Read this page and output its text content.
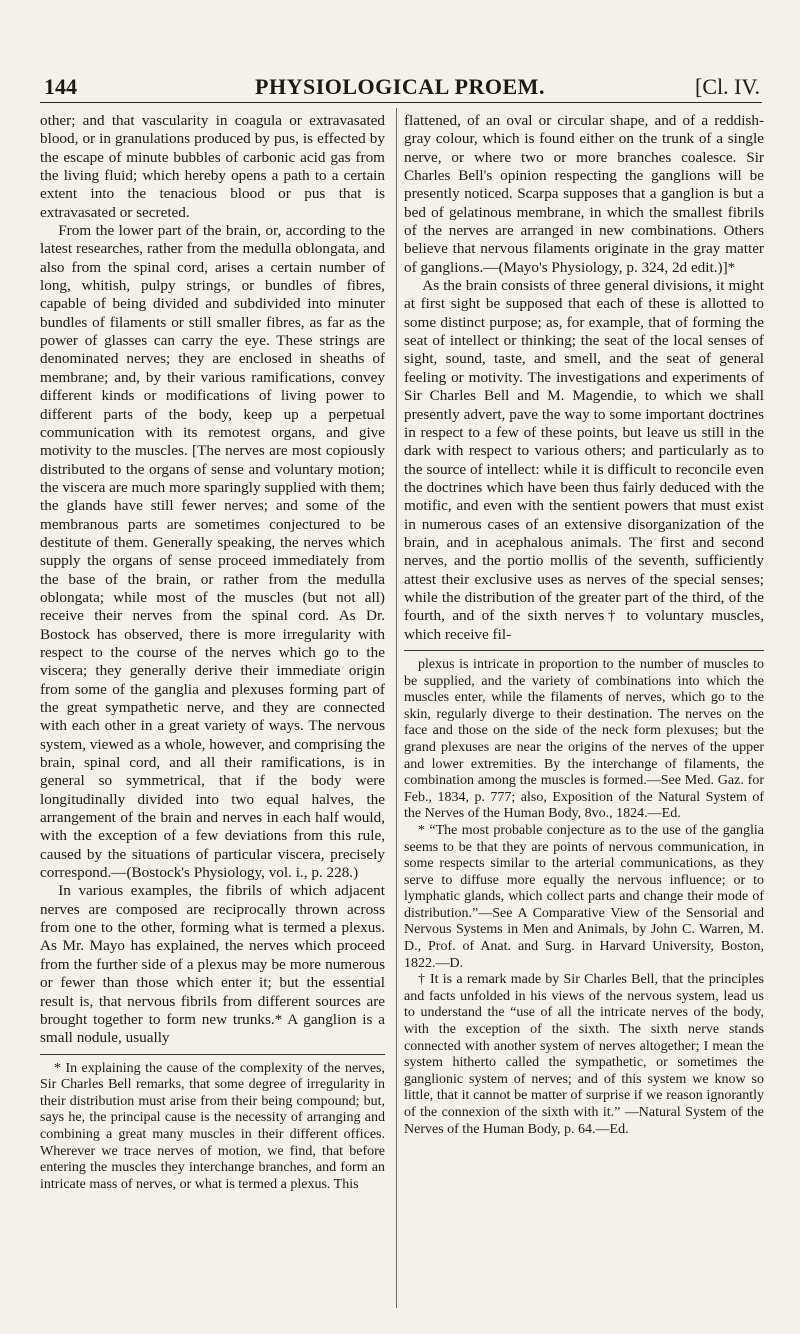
144	PHYSIOLOGICAL PROEM.	[Cl. IV.

other; and that vascularity in coagula or extravasated blood, or in granulations produced by pus, is effected by the escape of minute bubbles of carbonic acid gas from the living fluid; which hereby opens a path to a certain extent into the tenacious blood or pus that is extravasated or secreted.

From the lower part of the brain, or, according to the latest researches, rather from the medulla oblongata, and also from the spinal cord, arises a certain number of long, whitish, pulpy strings, or bundles of fibres, capable of being divided and subdivided into minuter bundles of filaments or still smaller fibres, as far as the power of glasses can carry the eye. These strings are denominated nerves; they are enclosed in sheaths of membrane; and, by their various ramifications, convey different kinds or modifications of living power to different parts of the body, keep up a perpetual communication with its remotest organs, and give motivity to the muscles. [The nerves are most copiously distributed to the organs of sense and voluntary motion; the viscera are much more sparingly supplied with them; the glands have still fewer nerves; and some of the membranous parts are sometimes conjectured to be destitute of them. Generally speaking, the nerves which supply the organs of sense proceed immediately from the base of the brain, or rather from the medulla oblongata; while most of the muscles (but not all) receive their nerves from the spinal cord. As Dr. Bostock has observed, there is more irregularity with respect to the course of the nerves which go to the viscera; they generally derive their immediate origin from some of the ganglia and plexuses forming part of the great sympathetic nerve, and they are connected with each other in a great variety of ways. The nervous system, viewed as a whole, however, and comprising the brain, spinal cord, and all their ramifications, is in general so symmetrical, that if the body were longitudinally divided into two equal halves, the arrangement of the brain and nerves in each half would, with the exception of a few deviations from this rule, caused by the situations of particular viscera, precisely correspond.—(Bostock's Physiology, vol. i., p. 228.)

In various examples, the fibrils of which adjacent nerves are composed are reciprocally thrown across from one to the other, forming what is termed a plexus. As Mr. Mayo has explained, the nerves which proceed from the further side of a plexus may be more numerous or fewer than those which enter it; but the essential result is, that nervous fibrils from different sources are brought together to form new trunks.* A ganglion is a small nodule, usually

* In explaining the cause of the complexity of the nerves, Sir Charles Bell remarks, that some degree of irregularity in their distribution must arise from their being compound; but, says he, the principal cause is the necessity of arranging and combining a great many muscles in their different offices. Wherever we trace nerves of motion, we find, that before entering the muscles they interchange branches, and form an intricate mass of nerves, or what is termed a plexus. This

flattened, of an oval or circular shape, and of a reddish-gray colour, which is found either on the trunk of a single nerve, or where two or more branches coalesce. Sir Charles Bell's opinion respecting the ganglions will be presently noticed. Scarpa supposes that a ganglion is but a bed of gelatinous membrane, in which the smallest fibrils of the nerves are arranged in new combinations. Others believe that nervous filaments originate in the gray matter of ganglions.—(Mayo's Physiology, p. 324, 2d edit.)]*

As the brain consists of three general divisions, it might at first sight be supposed that each of these is allotted to some distinct purpose; as, for example, that of forming the seat of intellect or thinking; the seat of the local senses of sight, sound, taste, and smell, and the seat of general feeling or motivity. The investigations and experiments of Sir Charles Bell and M. Magendie, to which we shall presently advert, pave the way to some important doctrines in respect to a few of these points, but leave us still in the dark with respect to various others; and particularly as to the source of intellect: while it is difficult to reconcile even the doctrines which have been thus fairly deduced with the motific, and even with the sentient powers that must exist in numerous cases of an extensive disorganization of the brain, and in acephalous animals. The first and second nerves, and the portio mollis of the seventh, sufficiently attest their exclusive uses as nerves of the special senses; while the distribution of the greater part of the third, of the fourth, and of the sixth nerves† to voluntary muscles, which receive fil-

plexus is intricate in proportion to the number of muscles to be supplied, and the variety of combinations into which the muscles enter, while the filaments of nerves, which go to the skin, regularly diverge to their destination. The nerves on the face and those on the side of the neck form plexuses; but the grand plexuses are near the origins of the nerves of the upper and lower extremities. By the interchange of filaments, the combination among the muscles is formed.—See Med. Gaz. for Feb., 1834, p. 777; also, Exposition of the Natural System of the Nerves of the Human Body, 8vo., 1824.—Ed.

* “The most probable conjecture as to the use of the ganglia seems to be that they are points of nervous communication, in some respects similar to the arterial communications, as they serve to diffuse more equally the nervous influence; or to lymphatic glands, which collect parts and change their mode of distribution.”—See A Comparative View of the Sensorial and Nervous Systems in Men and Animals, by John C. Warren, M. D., Prof. of Anat. and Surg. in Harvard University, Boston, 1822.—D.

† It is a remark made by Sir Charles Bell, that the principles and facts unfolded in his views of the nervous system, lead us to understand the “use of all the intricate nerves of the body, with the exception of the sixth. The sixth nerve stands connected with another system of nerves altogether; I mean the system hitherto called the sympathetic, or sometimes the ganglionic system of nerves; and of this system we know so little, that it cannot be matter of surprise if we reason ignorantly of the connexion of the sixth with it.” —Natural System of the Nerves of the Human Body, p. 64.—Ed.
